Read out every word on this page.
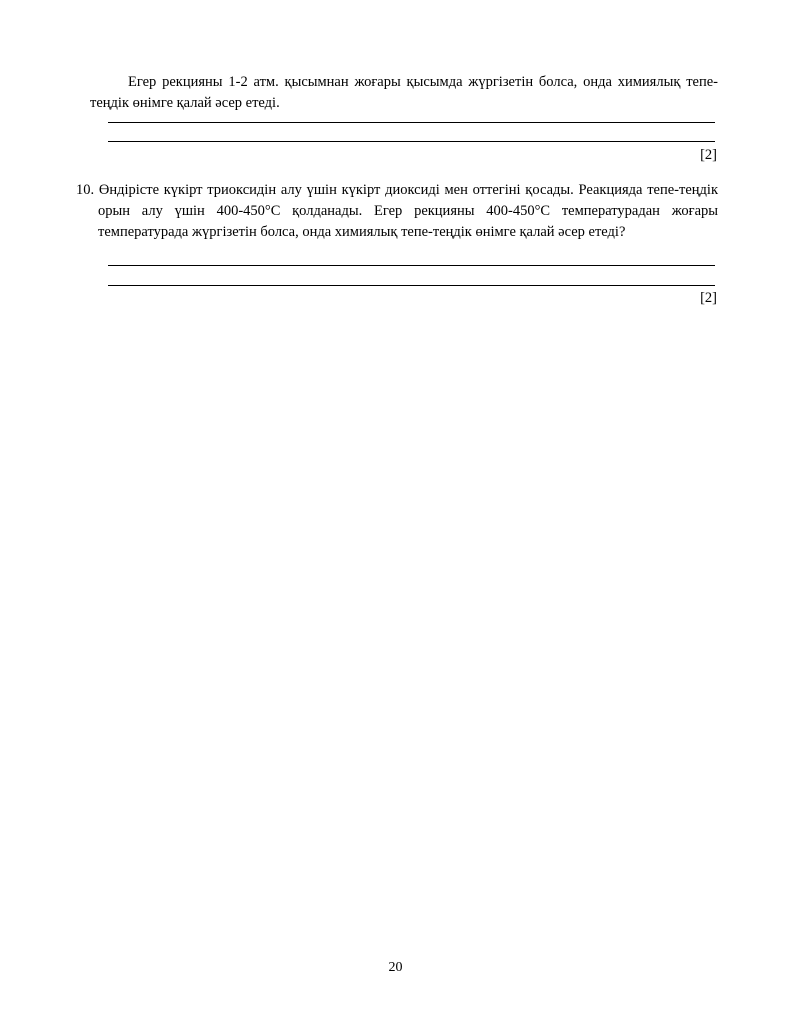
Егер рекцияны 1-2 атм. қысымнан жоғары қысымда жүргізетін болса, онда химиялық тепе-теңдік өнімге қалай әсер етеді.
[2]
10. Өндірісте күкірт триоксидін алу үшін күкірт диоксиді мен оттегіні қосады. Реакцияда тепе-теңдік орын алу үшін 400-450°С қолданады. Егер рекцияны 400-450°С температурадан жоғары температурада жүргізетін болса, онда химиялық тепе-теңдік өнімге қалай әсер етеді?
[2]
20
